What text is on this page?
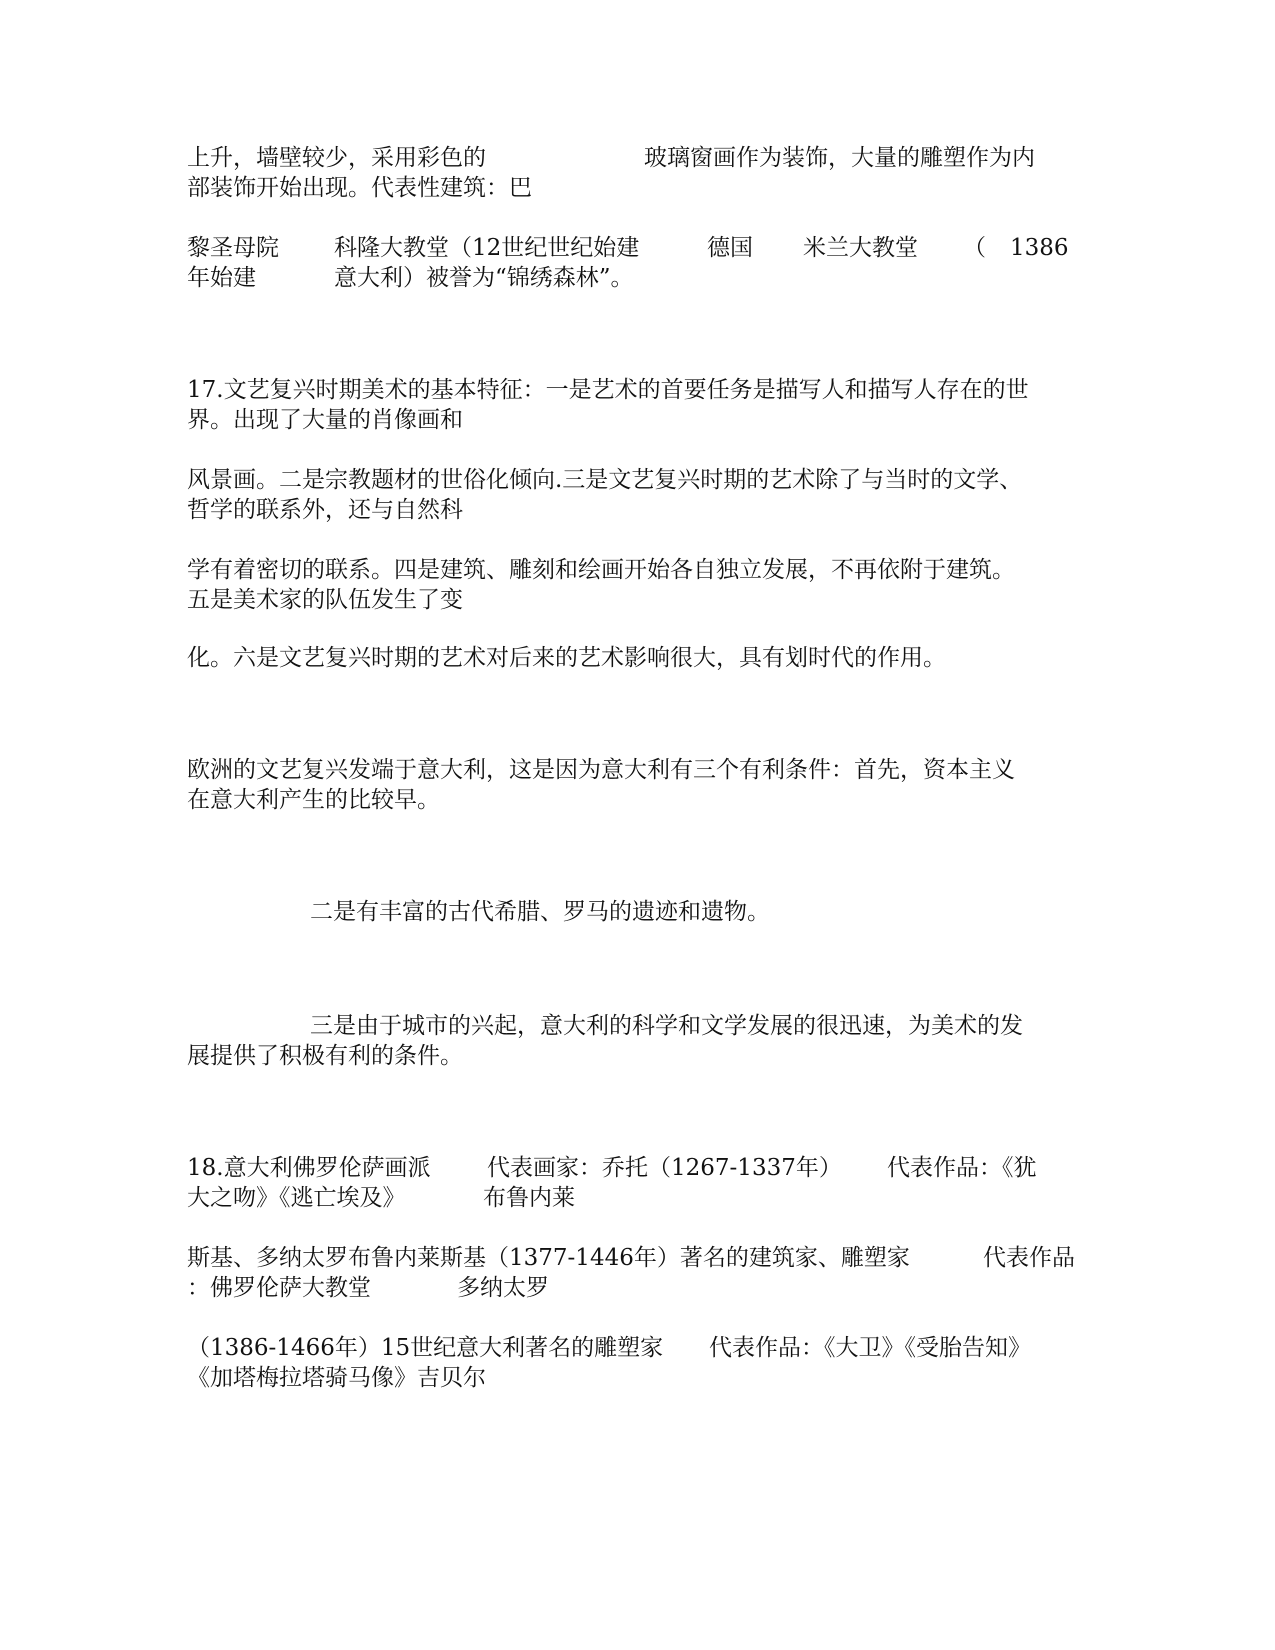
上升，墙壁较少，采用彩色的	玻璃窗画作为装饰，大量的雕塑作为内
部装饰开始出现。代表性建筑：巴
黎圣母院 科隆大教堂（12世纪世纪始建	德国 米兰大教堂 （ 1386
年始建	意大利）被誉为“锦绣森林”。
17.文艺复兴时期美术的基本特征：一是艺术的首要任务是描写人和描写人存在的世
界。出现了大量的肖像画和
风景画。二是宗教题材的世俗化倾向.三是文艺复兴时期的艺术除了与当时的文学、
哲学的联系外，还与自然科
学有着密切的联系。四是建筑、雕刻和绘画开始各自独立发展，不再依附于建筑。
五是美术家的队伍发生了变
化。六是文艺复兴时期的艺术对后来的艺术影响很大，具有划时代的作用。
欧洲的文艺复兴发端于意大利，这是因为意大利有三个有利条件：首先，资本主义
在意大利产生的比较早。
二是有丰富的古代希腊、罗马的遗迹和遗物。
三是由于城市的兴起，意大利的科学和文学发展的很迅速，为美术的发
展提供了积极有利的条件。
18.意大利佛罗伦萨画派 代表画家：乔托（1267-1337年） 代表作品：《犹
大之吻》《逃亡埃及》	布鲁内莱
斯基、多纳太罗布鲁内莱斯基（1377-1446年）著名的建筑家、雕塑家	代表作品
：佛罗伦萨大教堂	多纳太罗
（1386-1466年）15世纪意大利著名的雕塑家 代表作品：《大卫》《受胎告知》
《加塔梅拉塔骑马像》吉贝尔
